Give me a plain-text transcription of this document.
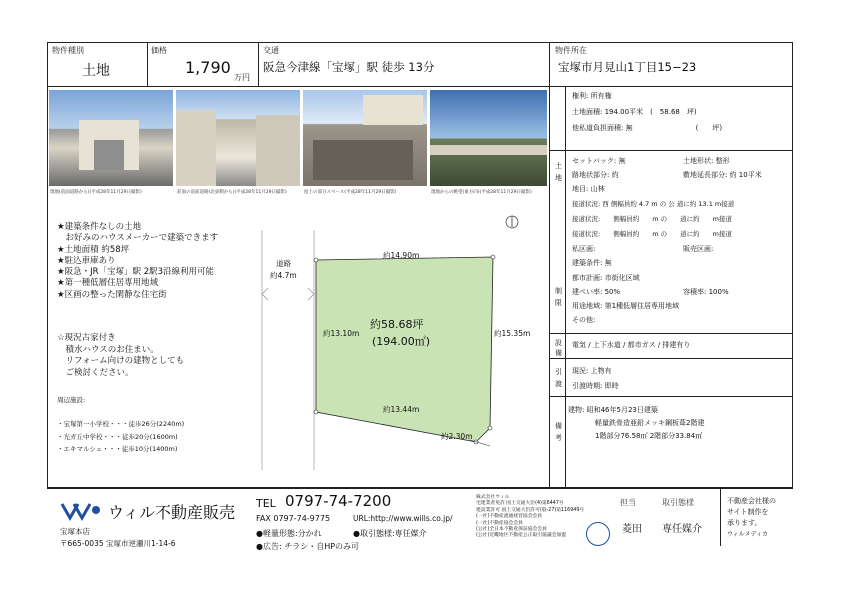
物件種別
土地
価格
1,790
万円
交通
阪急今津線「宝塚」駅 徒歩 13分
物件所在
宝塚市月見山1丁目15−23
現地(前面道路から)(平成28年11月29日撮影)	前面の前面道路(北東側から)(平成28年11月29日撮影)	屋上の部分スペース(平成28年11月29日撮影)	現地からの眺望(東方向)(平成28年11月29日撮影)
★建築条件なしの土地
　お好みのハウスメーカーで建築できます
★土地面積 約58坪
★駐込車庫あり
★阪急・JR「宝塚」駅 2駅3沿線利用可能
★第一種低層住居専用地域
★区画の整った閑静な住宅街
☆現況古家付き
　積水ハウスのお住まい。
　リフォーム向けの建物としても
　ご検討ください。
周辺施設:
・宝塚第一小学校・・・徒歩26分(2240m)
・光ガ丘中学校・・・徒歩20分(1600m)
・エキマルシェ・・・徒歩10分(1400m)
道路
約4.7m
約14.90m
約13.10m	約15.35m
約13.44m
約2.30m
約58.68坪
(194.00㎡)
権利: 所有権
土地面積: 194.00平米　(　58.68　坪)
他私道負担面積: 無　　　　　　　　　(　　坪)
土地
セットバック: 無	土地形状: 整形
路地状部分: 約	敷地延長部分: 約 10平米
地目: 山林
接道状況: 西 側幅員約 4.7 m の 公 道に約 13.1 m接道
接道状況:　　側幅員約　　m の　　道に約　　m接道
接道状況:　　側幅員約　　m の　　道に約　　m接道
私区画:	販売区画:
建築条件: 無
制限
都市計画: 市街化区域
建ぺい率: 50%	容積率: 100%
用途地域: 第1種低層住居専用地域
その他:
設備
電気 / 上下水道 / 都市ガス / 排建有り
引渡
現況: 上物有
引渡時期: 即時
備考
建物: 昭和46年5月23日建築
軽量鉄骨造亜鉛メッキ鋼板葺2階建
1階部分76.58㎡ 2階部分33.84㎡
ウィル不動産販売
宝塚本店
〒665-0035 宝塚市逆瀬川1-14-6
TEL 0797-74-7200
FAX 0797-74-9775	URL:http://www.wills.co.jp/
●軽量形態:分かれ	●取引態様:専任媒介
●広告: チラシ・自HPのみ可
株式会社ウィル
宅建業者免許 国土交通大臣(4)第6447号
建設業許可 国土交通大臣許可(般-27)第116949号
(一社)不動産流通経営協会会員
(一社)不動産協会会員
(公社)全日本不動産保証協会会員
(公社)近畿地区不動産公正取引協議会加盟
担当
菱田
取引態様
専任媒介
不動産会社様の
サイト制作を
承ります。
ウィルメディカ
